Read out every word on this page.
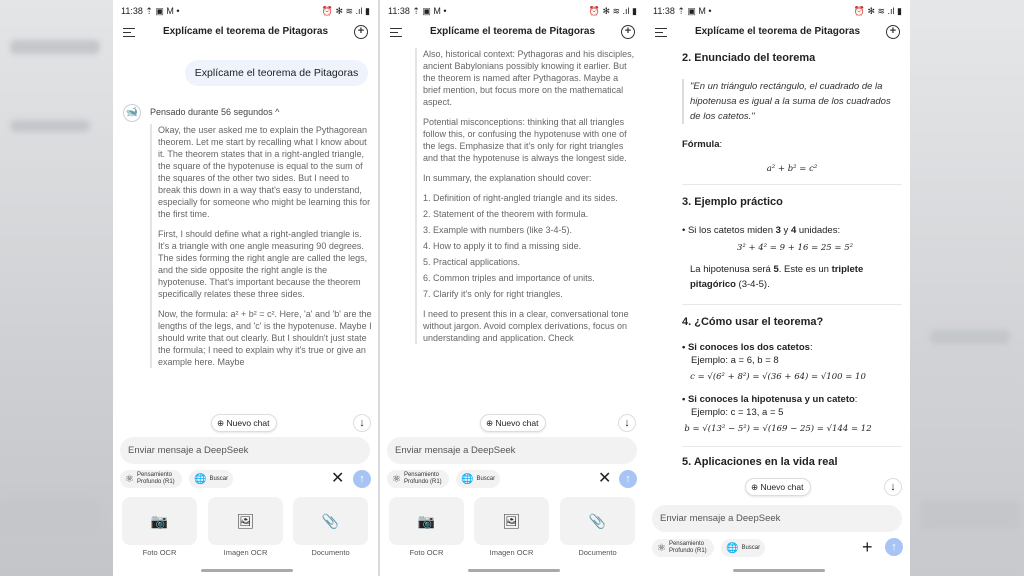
11:38 ⇡ ▣ M •	⏰ ✻ ≋ .ıl ▮
Explícame el teorema de Pitagoras	+
Explícame el teorema de Pitagoras
🐋	Pensado durante 56 segundos ^

Okay, the user asked me to explain the Pythagorean theorem. Let me start by recalling what I know about it. The theorem states that in a right-angled triangle, the square of the hypotenuse is equal to the sum of the squares of the other two sides. But I need to break this down in a way that's easy to understand, especially for someone who might be learning this for the first time.

First, I should define what a right-angled triangle is. It's a triangle with one angle measuring 90 degrees. The sides forming the right angle are called the legs, and the side opposite the right angle is the hypotenuse. That's important because the theorem specifically relates these three sides.

Now, the formula: a² + b² = c². Here, 'a' and 'b' are the lengths of the legs, and 'c' is the hypotenuse. Maybe I should write that out clearly. But I shouldn't just state the formula; I need to explain why it's true or give an example here. Maybe

⊕ Nuevo chat	↓
Enviar mensaje a DeepSeek
⚛ Pensamiento Profundo (R1) 🌐 Buscar	✕	↑
📷	🖼	📎
Foto OCR	Imagen OCR	Documento
11:38 ⇡ ▣ M •	⏰ ✻ ≋ .ıl ▮
Explícame el teorema de Pitagoras	+

Also, historical context: Pythagoras and his disciples, ancient Babylonians possibly knowing it earlier. But the theorem is named after Pythagoras. Maybe a brief mention, but focus more on the mathematical aspect.

Potential misconceptions: thinking that all triangles follow this, or confusing the hypotenuse with one of the legs. Emphasize that it's only for right triangles and that the hypotenuse is always the longest side.

In summary, the explanation should cover:

1. Definition of right-angled triangle and its sides.
2. Statement of the theorem with formula.
3. Example with numbers (like 3-4-5).
4. How to apply it to find a missing side.
5. Practical applications.
6. Common triples and importance of units.
7. Clarify it's only for right triangles.

I need to present this in a clear, conversational tone without jargon. Avoid complex derivations, focus on understanding and application. Check

⊕ Nuevo chat	↓
Enviar mensaje a DeepSeek
⚛ Pensamiento Profundo (R1) 🌐 Buscar	✕	↑
📷	🖼	📎
Foto OCR	Imagen OCR	Documento
11:38 ⇡ ▣ M •	⏰ ✻ ≋ .ıl ▮
Explícame el teorema de Pitagoras	+
2. Enunciado del teorema
"En un triángulo rectángulo, el cuadrado de la hipotenusa es igual a la suma de los cuadrados de los catetos."
Fórmula:
a² + b² = c²
3. Ejemplo práctico
• Si los catetos miden 3 y 4 unidades:
3² + 4² = 9 + 16 = 25 = 5²
La hipotenusa será 5. Este es un triplete pitagórico (3-4-5).
4. ¿Cómo usar el teorema?
• Si conoces los dos catetos:
Ejemplo: a = 6, b = 8
c = √(6² + 8²) = √(36 + 64) = √100 = 10
• Si conoces la hipotenusa y un cateto:
Ejemplo: c = 13, a = 5
b = √(13² − 5²) = √(169 − 25) = √144 = 12
5. Aplicaciones en la vida real
⊕ Nuevo chat	↓
Enviar mensaje a DeepSeek
⚛ Pensamiento Profundo (R1) 🌐 Buscar	+	↑
